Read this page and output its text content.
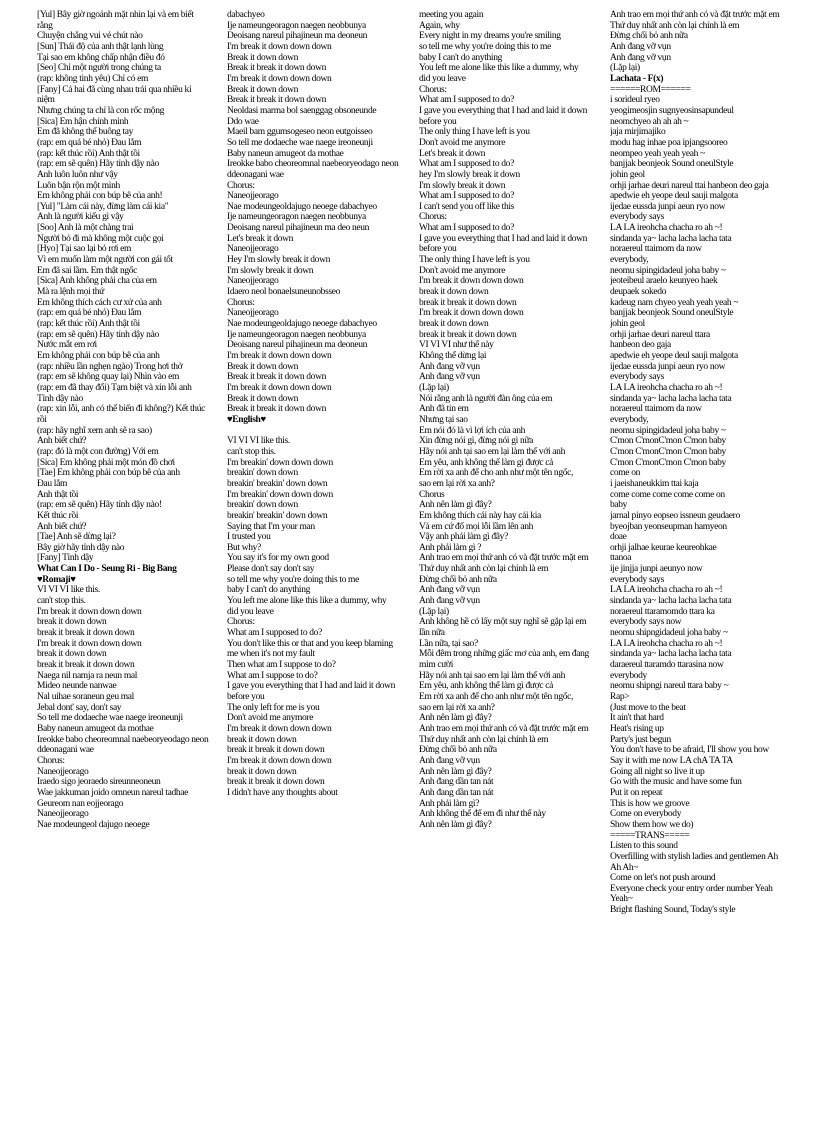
[Yul] Bây giờ ngoảnh mặt nhìn lại và em biết rằng
Chuyện chẳng vui vẻ chút nào
[Sun] Thái độ của anh thật lạnh lùng
Tại sao em không chấp nhận điều đó
[Seo] Chỉ một người trong chúng ta
(rap: không tình yêu) Chỉ có em
[Fany] Cả hai đã cùng nhau trải qua nhiều kỉ niệm
Nhưng chúng ta chỉ là con rốc mộng
[Sica] Em hận chính mình
Em đã không thể buông tay
(rap: em quá bé nhỏ) Đau lắm
(rap: kết thúc rồi) Anh thật tồi
(rap: em sẽ quên) Hãy tỉnh dậy nào
Anh luôn luôn như vậy
Luôn bận rộn một mình
Em không phải con búp bê của anh!
[Yul] "Làm cái này, đừng làm cái kia"
Anh là người kiểu gì vậy
[Soo] Anh là một chàng trai
Người bỏ đi mà không một cuộc gọi
[Hyo] Tại sao lại bỏ rơi em
Vì em muốn làm một người con gái tốt
Em đã sai lầm. Em thật ngốc
[Sica] Anh không phải cha của em
Mà ra lệnh mọi thứ
Em không thích cách cư xử của anh
(rap: em quá bé nhỏ) Đau lắm
(rap: kết thúc rồi) Anh thật tồi
(rap: em sẽ quên) Hãy tỉnh dậy nào
Nước mắt em rơi
Em không phải con búp bê của anh
(rap: nhiều lần nghẹn ngào) Trong hơi thở
(rap: em sẽ không quay lại) Nhìn vào em
(rap: em đã thay đổi) Tạm biệt và xin lỗi anh
Tỉnh dậy nào
(rap: xin lỗi, anh có thể biến đi không?) Kết thúc rồi
(rap: hãy nghĩ xem anh sẽ ra sao)
Anh biết chứ?
(rap: đó là một con đường) Với em
[Sica] Em không phải một món đồ chơi
[Tae] Em không phải con búp bê của anh
Đau lắm
Anh thật tồi
(rap: em sẽ quên) Hãy tỉnh dậy nào!
Kết thúc rồi
Anh biết chứ?
[Tae] Anh sẽ dừng lại?
Bây giờ hãy tỉnh dậy nào
[Fany] Tỉnh dậy
What Can I Do - Seung Ri - Big Bang
♥Romaji♥
VI VI VI like this.
can't stop this.
I'm break it down down down
break it down down
break it break it down down
I'm break it down down down
break it down down
break it break it down down
Naega nil namja ra neun mal
Mideo neunde nanwae
Nal uihae soraneun geu mal
Jebal dont' say, don't say
So tell me dodaeche wae naege ireoneunji
Baby naneun amugeot da mothae
Ireokke babo cheoreomnal naebeoryeodago neon ddeonagani wae
Chorus:
Naneojjeorago
Iraedo sigo jeoraedo sireunneoneun
Wae jakkuman joido omneun nareul tadhae
Geureom nan eojjeorago
Naneojjeorago
Nae modeungeol dajugo neoege
dabachyeo
Ije nameungeoragon naegen neobbunya
Deoisang nareul pihajineun ma deoneun
I'm break it down down down
Break it down down
Break it break it down down
I'm break it down down down
Break it down down
Break it break it down down
Neoldasi marma bol saenggag obsoneunde
Ddo wae
Maeil bam ggumsogeseo neon eutgoisseo
So tell me dodaeche wae naege ireoneunji
Baby naneun amugeot da mothae
Ireokke babo cheoreomnal naebeoryeodago neon ddeonagani wae
Chorus:
Naneojjeorago
Nae modeungeoldajugo neoege dabachyeo
Ije nameungeoragon naegen neobbunya
Deoisang nareul pihajineun ma deo neun
Let's break it down
Naneojjeorago
Hey I'm slowly break it down
I'm slowly break it down
Naneojjeorago
Idaero neol bonaelsuneunobsseo
Chorus:
Naneojjeorago
Nae modeungeoldajugo neoege dabachyeo
Ije nameungeoragon naegen neobbunya
Deoisang nareul pihajineun ma deoneun
I'm break it down down down
Break it down down
Break it break it down down
I'm break it down down down
Break it down down
Break it break it down down
♥English♥

VI VI VI like this.
can't stop this.
I'm breakin' down down down
breakin' down down
breakin' breakin' down down
I'm breakin' down down down
breakin' down down
breakin' breakin' down down
Saying that I'm your man
I trusted you
But why?
You say it's for my own good
Please don't say don't say
so tell me why you're doing this to me
baby I can't do anything
You left me alone like this like a dummy, why did you leave
Chorus:
What am I supposed to do?
You don't like this or that and you keep blaming me when it's not my fault
Then what am I suppose to do?
What am I suppose to do?
I gave you everything that I had and laid it down before you
The only left for me is you
Don't avoid me anymore
I'm break it down down down
break it down down
break it break it down down
I'm break it down down down
break it down down
break it break it down down
I didn't have any thoughts about
meeting you again
Again, why
Every night in my dreams you're smiling
so tell me why you're doing this to me
baby I can't do anything
You left me alone like this like a dummy, why did you leave
Chorus:
What am I supposed to do?
I gave you everything that I had and laid it down before you
The only thing I have left is you
Don't avoid me anymore
Let's break it down
What am I supposed to do?
hey I'm slowly break it down
I'm slowly break it down
What am I supposed to do?
I can't send you off like this
Chorus:
What am I supposed to do?
I gave you everything that I had and laid it down before you
The only thing I have left is you
Don't avoid me anymore
I'm break it down down down
break it down down
break it break it down down
I'm break it down down down
break it down down
break it break it down down
VI VI VI như thế này
Không thể dừng lại
Anh đang vỡ vụn
Anh đang vỡ vụn
(Lặp lại)
Nói rằng anh là người đàn ông của em
Anh đã tin em
Nhưng tại sao
Em nói đó là vì lợi ích của anh
Xin đừng nói gì, đừng nói gì nữa
Hãy nói anh tại sao em lại làm thế với anh
Em yêu, anh không thể làm gì được cả
Em rời xa anh để cho anh như một tên ngốc,
sao em lại rời xa anh?
Chorus
Anh nên làm gì đây?
Em không thích cái này hay cái kia
Và em cứ đổ mọi lỗi lầm lên anh
Vậy anh phải làm gì đây?
Anh phải làm gì ?
Anh trao em mọi thứ anh có và đặt trước mặt em
Thứ duy nhất anh còn lại chính là em
Đừng chối bỏ anh nữa
Anh đang vỡ vụn
Anh đang vỡ vụn
(Lặp lại)
Anh không hề có lấy một suy nghĩ sẽ gặp lại em lần nữa
Lần nữa, tại sao?
Mỗi đêm trong những giấc mơ của anh, em đang mỉm cười
Hãy nói anh tại sao em lại làm thế với anh
Em yêu, anh không thể làm gì được cả
Em rời xa anh để cho anh như một tên ngốc,
sao em lại rời xa anh?
Anh nên làm gì đây?
Anh trao em mọi thứ anh có và đặt trước mặt em
Thứ duy nhất anh còn lại chính là em
Đừng chối bỏ anh nữa
Anh đang vỡ vụn
Anh nên làm gì đây?
Anh đang dần tan nát
Anh đang dần tan nát
Anh phải làm gì?
Anh không thể để em đi như thế này
Anh nên làm gì đây?
Anh trao em mọi thứ anh có và đặt trước mặt em
Thứ duy nhất anh còn lại chính là em
Đừng chối bỏ anh nữa
Anh đang vỡ vụn
Anh đang vỡ vụn
(Lặp lại)
Lachata - F(x)
======ROM======
i sorideul ryeo
yeogimeosjin sugnyeosinsapundeul
neomchyeo ah ah ah ~
jaja mirjimajiko
modu hag inhae poa ipjangsooreo
neompeo yeah yeah yeah ~
banjjak beonjeok Sound oneulStyle
johin geol
orhji jarhae deuri nareul ttai hanbeon deo gaja
apedwie eh yeope deul sauji malgota
ijedae eussda junpi aeun ryo now
everybody says
LA LA ireohcha chacha ro ah ~!
sindanda ya~ lacha lacha lacha tata
noraereul ttaimom da now
everybody,
neomu sipingidadeul joha baby ~
jeoteibeul araelo keunyeo haek
deupaek sokedo
kadeug nam chyeo yeah yeah yeah ~
banjjak beonjeok Sound oneulStyle
johin geol
orhji jarhae deuri nareul ttara
hanbeon deo gaja
apedwie eh yeope deul sauji malgota
ijedae eussda junpi aeun ryo now
everybody says
LA LA ireohcha chacha ro ah ~!
sindanda ya~ lacha lacha lacha tata
noraereul ttaimom da now
everybody,
neomu sipingidadeul joha baby ~
C'mon C'monC'mon C'mon baby
C'mon C'monC'mon C'mon baby
C'mon C'monC'mon C'mon baby
come on
i jaeishaneukkim ttai kaja
come come come come come on
baby
jarnal pinyo eopseo issneun geudaero
byeojban yeonseupman hamyeon
doae
orhji jalhae keurae keureohkae
ttanoa
ije jinjja junpi aeunyo now
everybody says
LA LA ireohcha chacha ro ah ~!
sindanda ya~ lacha lacha lacha tata
noraereul ttaramomdo ttara ka
everybody says now
neomu shipngidadeul joha baby ~
LA LA ireohcha chacha ro ah ~!
sindanda ya~ lacha lacha lacha tata
daraereul ttaramdo ttarasina now
everybody
neomu shipngi nareul ttara baby ~
Rap>
(Just move to the beat
It ain't that hard
Heat's rising up
Party's just begun
You don't have to be afraid, I'll show you how
Say it with me now LA chA TA TA
Going all night so live it up
Go with the music and have some fun
Put it on repeat
This is how we groove
Come on everybody
Show them how we do)
=====TRANS=====
Listen to this sound
Overfilling with stylish ladies and gentlemen Ah Ah Ah~
Come on let's not push around
Everyone check your entry order number Yeah Yeah~
Bright flashing Sound, Today's style
